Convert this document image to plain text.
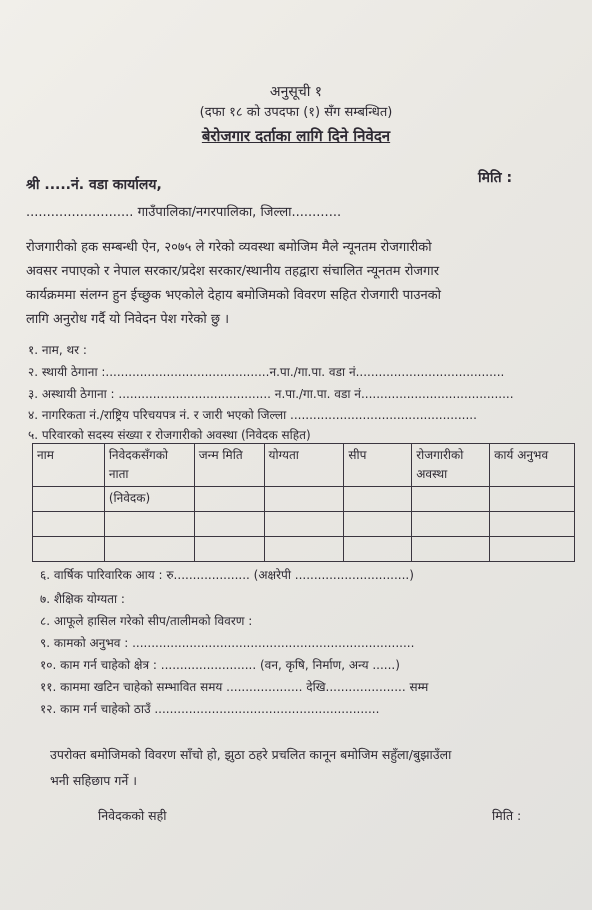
अनुसूची १
(दफा १८ को उपदफा (१) सँग सम्बन्धित)
बेरोजगार दर्ताका लागि दिने निवेदन
श्री .....नं. वडा कार्यालय,	मिति :
.......................... गाउँपालिका/नगरपालिका, जिल्ला............
रोजगारीको हक सम्बन्धी ऐन, २०७५ ले गरेको व्यवस्था बमोजिम मैले न्यूनतम रोजगारीको
अवसर नपाएको र नेपाल सरकार/प्रदेश सरकार/स्थानीय तहद्वारा संचालित न्यूनतम रोजगार
कार्यक्रममा संलग्न हुन ईच्छुक भएकोले देहाय बमोजिमको विवरण सहित रोजगारी पाउनको
लागि अनुरोध गर्दै यो निवेदन पेश गरेको छु ।
१. नाम, थर :
२. स्थायी ठेगाना :...........................................न.पा./गा.पा. वडा नं.......................................
३. अस्थायी ठेगाना : ........................................ न.पा./गा.पा. वडा नं........................................
४. नागरिकता नं./राष्ट्रिय परिचयपत्र नं. र जारी भएको जिल्ला .................................................
५. परिवारको सदस्य संख्या र रोजगारीको अवस्था (निवेदक सहित)
नाम	निवेदकसँगको नाता	जन्म मिति	योग्यता	सीप	रोजगारीको अवस्था	कार्य अनुभव
	(निवेदक)					

६. वार्षिक पारिवारिक आय : रु.................... (अक्षरेपी ..............................)
७. शैक्षिक योग्यता :
८. आफूले हासिल गरेको सीप/तालीमको विवरण :
९. कामको अनुभव : ..........................................................................
१०. काम गर्न चाहेको क्षेत्र : ......................... (वन, कृषि, निर्माण, अन्य ......)
११. काममा खटिन चाहेको सम्भावित समय .................... देखि..................... सम्म
१२. काम गर्न चाहेको ठाउँ ...........................................................
उपरोक्त बमोजिमको विवरण साँचो हो, झुठा ठहरे प्रचलित कानून बमोजिम सहुँला/बुझाउँला
भनी सहिछाप गर्ने ।
निवेदकको सही	मिति :
